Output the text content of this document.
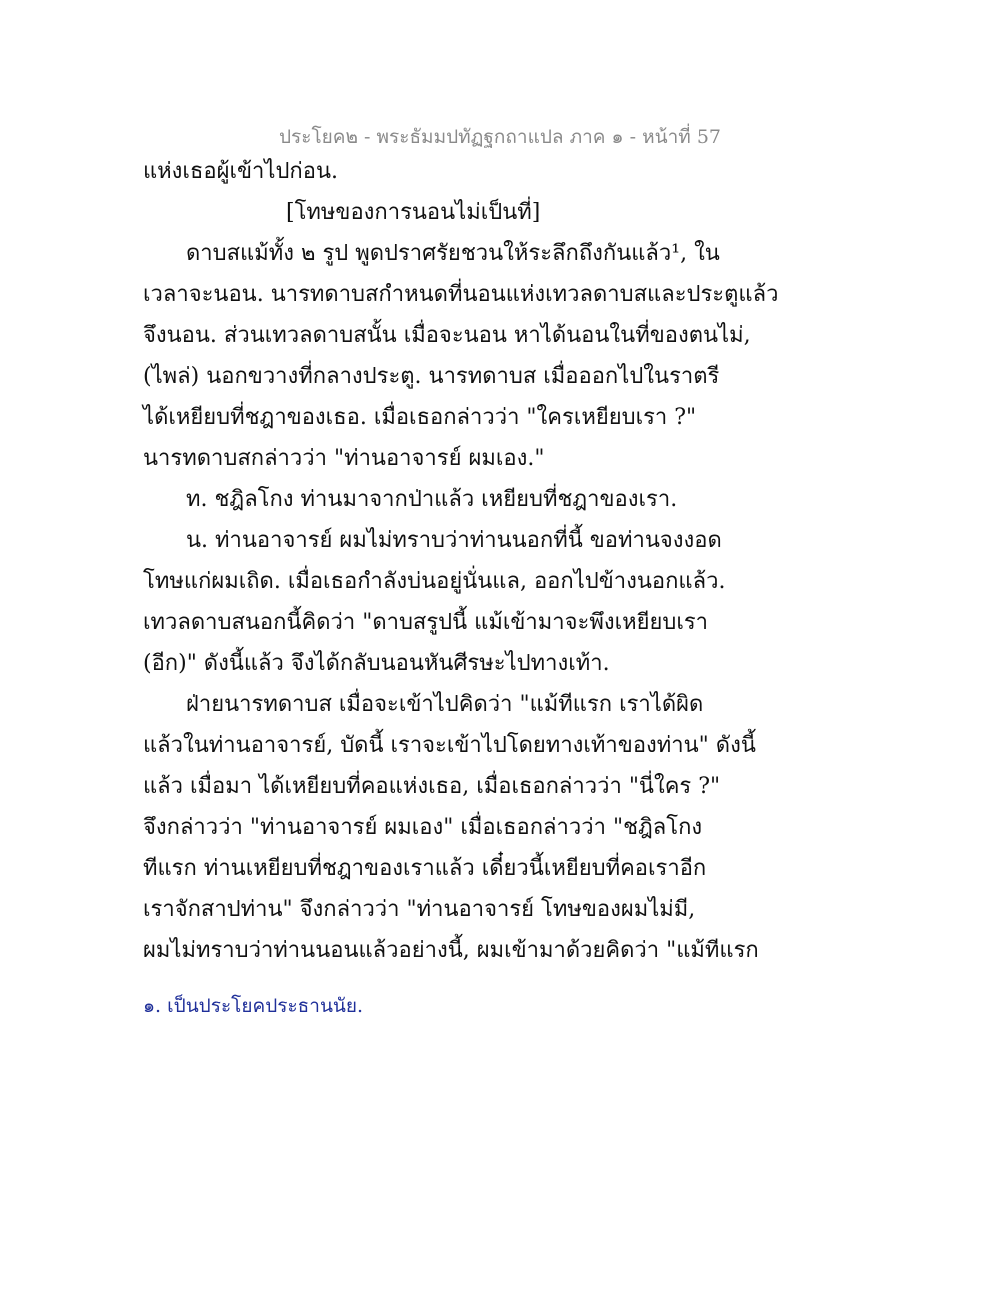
ประโยค๒ - พระธัมมปทัฏฐกถาแปล ภาค ๑ - หน้าที่ 57
แห่งเธอผู้เข้าไปก่อน.
[โทษของการนอนไม่เป็นที่]
ดาบสแม้ทั้ง ๒ รูป พูดปราศรัยชวนให้ระลึกถึงกันแล้ว¹, ใน
เวลาจะนอน. นารทดาบสกำหนดที่นอนแห่งเทวลดาบสและประตูแล้ว
จึงนอน. ส่วนเทวลดาบสนั้น เมื่อจะนอน หาได้นอนในที่ของตนไม่,
(ไพล่) นอกขวางที่กลางประตู. นารทดาบส เมื่อออกไปในราตรี
ได้เหยียบที่ชฎาของเธอ. เมื่อเธอกล่าวว่า "ใครเหยียบเรา ?"
นารทดาบสกล่าวว่า "ท่านอาจารย์ ผมเอง."
ท. ชฎิลโกง ท่านมาจากป่าแล้ว เหยียบที่ชฎาของเรา.
น. ท่านอาจารย์ ผมไม่ทราบว่าท่านนอกที่นี้ ขอท่านจงงอด
โทษแก่ผมเถิด. เมื่อเธอกำลังบ่นอยู่นั่นแล, ออกไปข้างนอกแล้ว.
เทวลดาบสนอกนี้คิดว่า "ดาบสรูปนี้ แม้เข้ามาจะพึงเหยียบเรา
(อีก)" ดังนี้แล้ว จึงได้กลับนอนหันศีรษะไปทางเท้า.
ฝ่ายนารทดาบส เมื่อจะเข้าไปคิดว่า "แม้ทีแรก เราได้ผิด
แล้วในท่านอาจารย์, บัดนี้ เราจะเข้าไปโดยทางเท้าของท่าน" ดังนี้
แล้ว เมื่อมา ได้เหยียบที่คอแห่งเธอ, เมื่อเธอกล่าวว่า "นี่ใคร ?"
จึงกล่าวว่า "ท่านอาจารย์ ผมเอง" เมื่อเธอกล่าวว่า "ชฎิลโกง
ทีแรก ท่านเหยียบที่ชฎาของเราแล้ว เดี๋ยวนี้เหยียบที่คอเราอีก
เราจักสาปท่าน" จึงกล่าวว่า "ท่านอาจารย์ โทษของผมไม่มี,
ผมไม่ทราบว่าท่านนอนแล้วอย่างนี้, ผมเข้ามาด้วยคิดว่า "แม้ทีแรก
๑. เป็นประโยคประธานนัย.
